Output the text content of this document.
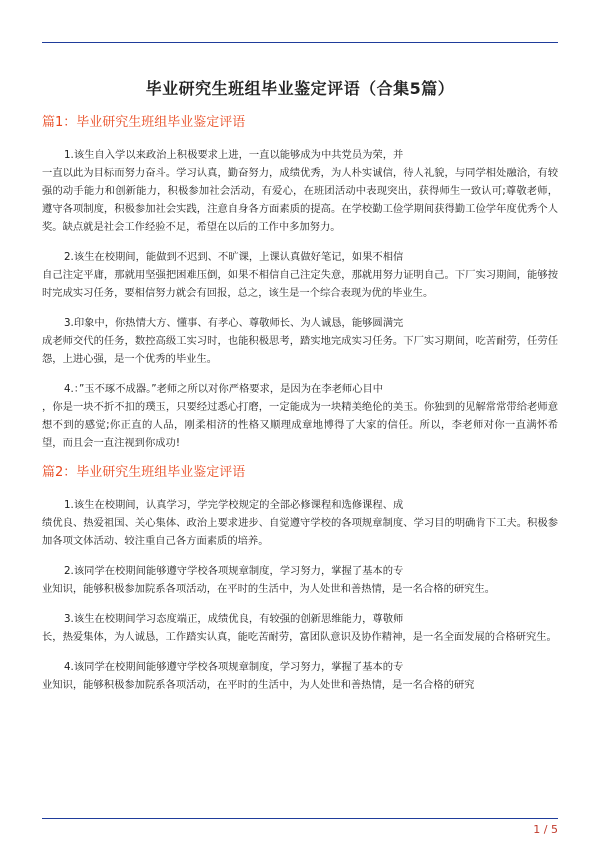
毕业研究生班组毕业鉴定评语（合集5篇）
篇1：毕业研究生班组毕业鉴定评语

1.该生自入学以来政治上积极要求上进，一直以能够成为中共党员为荣，并
一直以此为目标而努力奋斗。学习认真，勤奋努力，成绩优秀，为人朴实诚信，待人礼貌，与同学相处融洽，有较强的动手能力和创新能力，积极参加社会活动，有爱心，在班团活动中表现突出，获得师生一致认可;尊敬老师，遵守各项制度，积极参加社会实践，注意自身各方面素质的提高。在学校勤工俭学期间获得勤工俭学年度优秀个人奖。缺点就是社会工作经验不足，希望在以后的工作中多加努力。

2.该生在校期间，能做到不迟到、不旷课，上课认真做好笔记，如果不相信
自己注定平庸，那就用坚强把困难压倒，如果不相信自己注定失意，那就用努力证明自己。下厂实习期间，能够按时完成实习任务，要相信努力就会有回报，总之，该生是一个综合表现为优的毕业生。

3.印象中，你热情大方、懂事、有孝心、尊敬师长、为人诚恳，能够圆满完
成老师交代的任务，数控高级工实习时，也能积极思考，踏实地完成实习任务。下厂实习期间，吃苦耐劳，任劳任怨，上进心强，是一个优秀的毕业生。

4.：”玉不琢不成器。”老师之所以对你严格要求，是因为在李老师心目中
，你是一块不折不扣的璞玉，只要经过悉心打磨，一定能成为一块精美绝伦的美玉。你独到的见解常常带给老师意想不到的感觉;你正直的人品，刚柔相济的性格又顺理成章地博得了大家的信任。所以，李老师对你一直满怀希望，而且会一直注视到你成功!

篇2：毕业研究生班组毕业鉴定评语

1.该生在校期间，认真学习，学完学校规定的全部必修课程和选修课程、成
绩优良、热爱祖国、关心集体、政治上要求进步、自觉遵守学校的各项规章制度、学习目的明确肯下工夫。积极参加各项文体活动、较注重自己各方面素质的培养。

2.该同学在校期间能够遵守学校各项规章制度，学习努力，掌握了基本的专
业知识，能够积极参加院系各项活动，在平时的生活中，为人处世和善热情，是一名合格的研究生。

3.该生在校期间学习态度端正，成绩优良，有较强的创新思维能力，尊敬师
长，热爱集体，为人诚恳，工作踏实认真，能吃苦耐劳，富团队意识及协作精神，是一名全面发展的合格研究生。

4.该同学在校期间能够遵守学校各项规章制度，学习努力，掌握了基本的专
业知识，能够积极参加院系各项活动，在平时的生活中，为人处世和善热情，是一名合格的研究

1 / 5
